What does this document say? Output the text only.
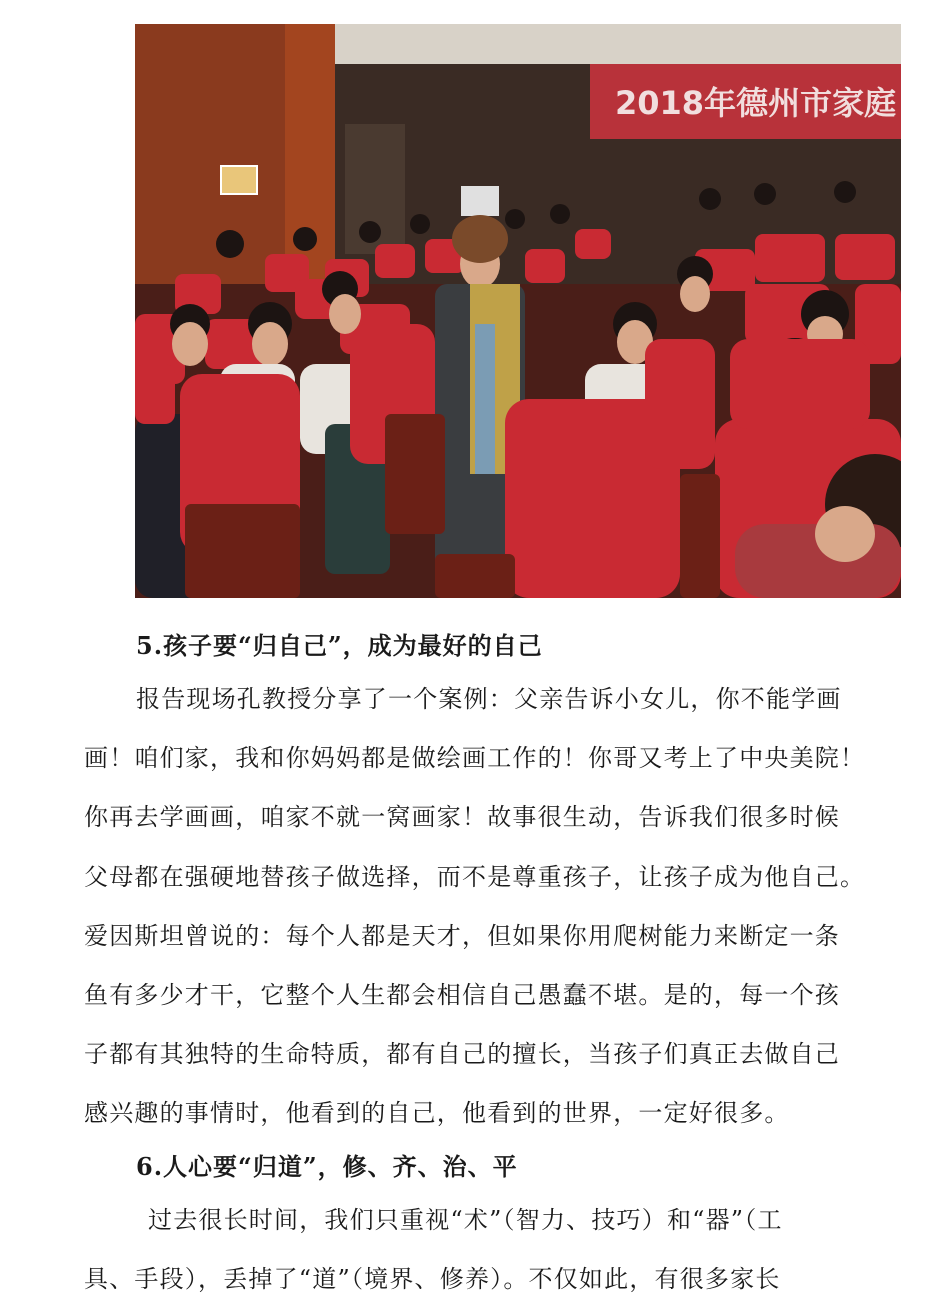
2018年德州市家庭
5.孩子要“归自己”，成为最好的自己

报告现场孔教授分享了一个案例：父亲告诉小女儿，你不能学画
画！咱们家，我和你妈妈都是做绘画工作的！你哥又考上了中央美院！
你再去学画画，咱家不就一窝画家！故事很生动，告诉我们很多时候
父母都在强硬地替孩子做选择，而不是尊重孩子，让孩子成为他自己。
爱因斯坦曾说的：每个人都是天才，但如果你用爬树能力来断定一条
鱼有多少才干，它整个人生都会相信自己愚蠢不堪。是的，每一个孩
子都有其独特的生命特质，都有自己的擅长，当孩子们真正去做自己
感兴趣的事情时，他看到的自己，他看到的世界，一定好很多。

6.人心要“归道”，修、齐、治、平

过去很长时间，我们只重视“术”（智力、技巧）和“器”（工
具、手段），丢掉了“道”（境界、修养）。不仅如此，有很多家长
